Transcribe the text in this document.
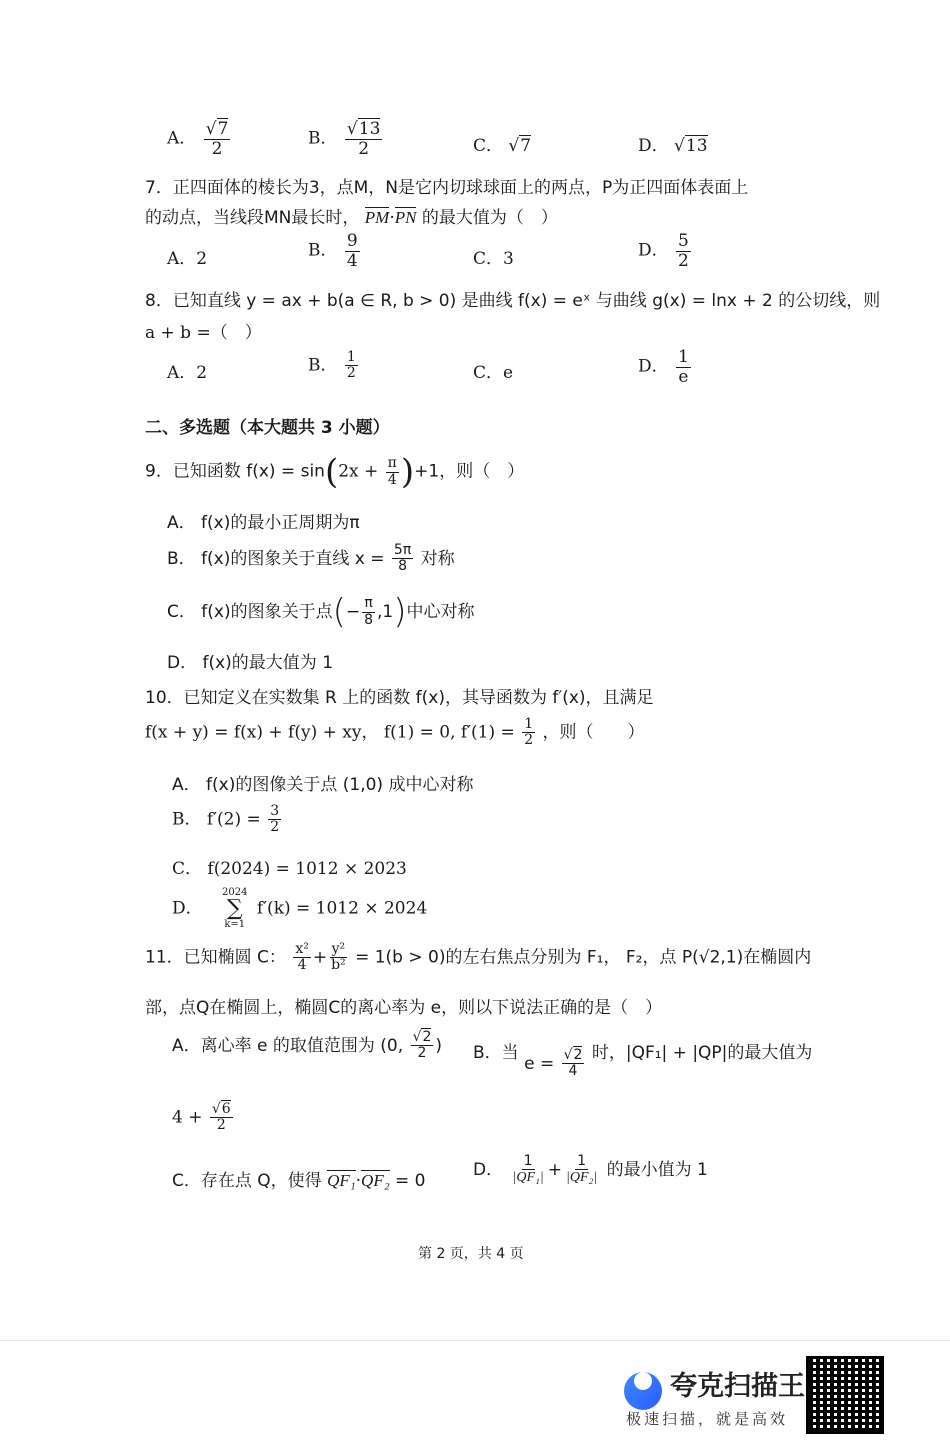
A． $\frac{√7}{2}$	B． $\frac{√13}{2}$	C． √7	D． √13
7．正四面体的棱长为3，点M，N是它内切球球面上的两点，P为正四面体表面上
的动点，当线段MN最长时， PM·PN 的最大值为（　）
A．2	B． $\frac{9}{4}$	C．3	D． $\frac{5}{2}$
8．已知直线 y = ax + b(a ∈ R, b > 0) 是曲线 f(x) = eˣ 与曲线 g(x) = lnx + 2 的公切线，则
a + b =（　）
A．2	B． $\frac{1}{2}$	C．e	D． $\frac{1}{e}$
二、多选题（本大题共 3 小题）
9．已知函数 $f(x) = \sin(2x + \frac{\pi}{4} )+1$，则（　）
A． f(x)的最小正周期为π
B． f(x)的图象关于直线 $x = \frac{5\pi}{8}$ 对称
C． f(x)的图象关于点(− $\frac{\pi}{8} ,1$)中心对称
D． f(x)的最大值为 1
10．已知定义在实数集 R 上的函数 f(x)，其导函数为 f′(x)，且满足
f(x + y) = f(x) + f(y) + xy， f(1) = 0, $f'(1) = \frac{1}{2}$ ，则（　　）
A． f(x)的图像关于点 (1,0) 成中心对称
B． $f'(2) = \frac{3}{2}$
C． f(2024) = 1012 × 2023
D．
2024
∑
k=1
f′(k) = 1012 × 2024
11．已知椭圆 C： $\frac{\text{x²}}{4} + \frac{\text{y²}}{\text{b²}} = 1(b > 0)$的左右焦点分别为 F₁， F₂，点 P(√2,1)在椭圆内
部，点Q在椭圆上，椭圆C的离心率为 e，则以下说法正确的是（　）
A．离心率 e 的取值范围为 (0, $\frac{√2}{2}$ ) B．当 $e = \frac{√2}{4}$ 时，|QF₁| + |QP|的最大值为
$4 + \frac{√6}{2}$
C．存在点 Q，使得 QF₁·QF₂ = 0
D． $\frac{1}{\text{|QF₁|}} + \frac{1}{\text{|QF₂|}}$ 的最小值为 1
第 2 页，共 4 页
夸克扫描王
极速扫描，就是高效
